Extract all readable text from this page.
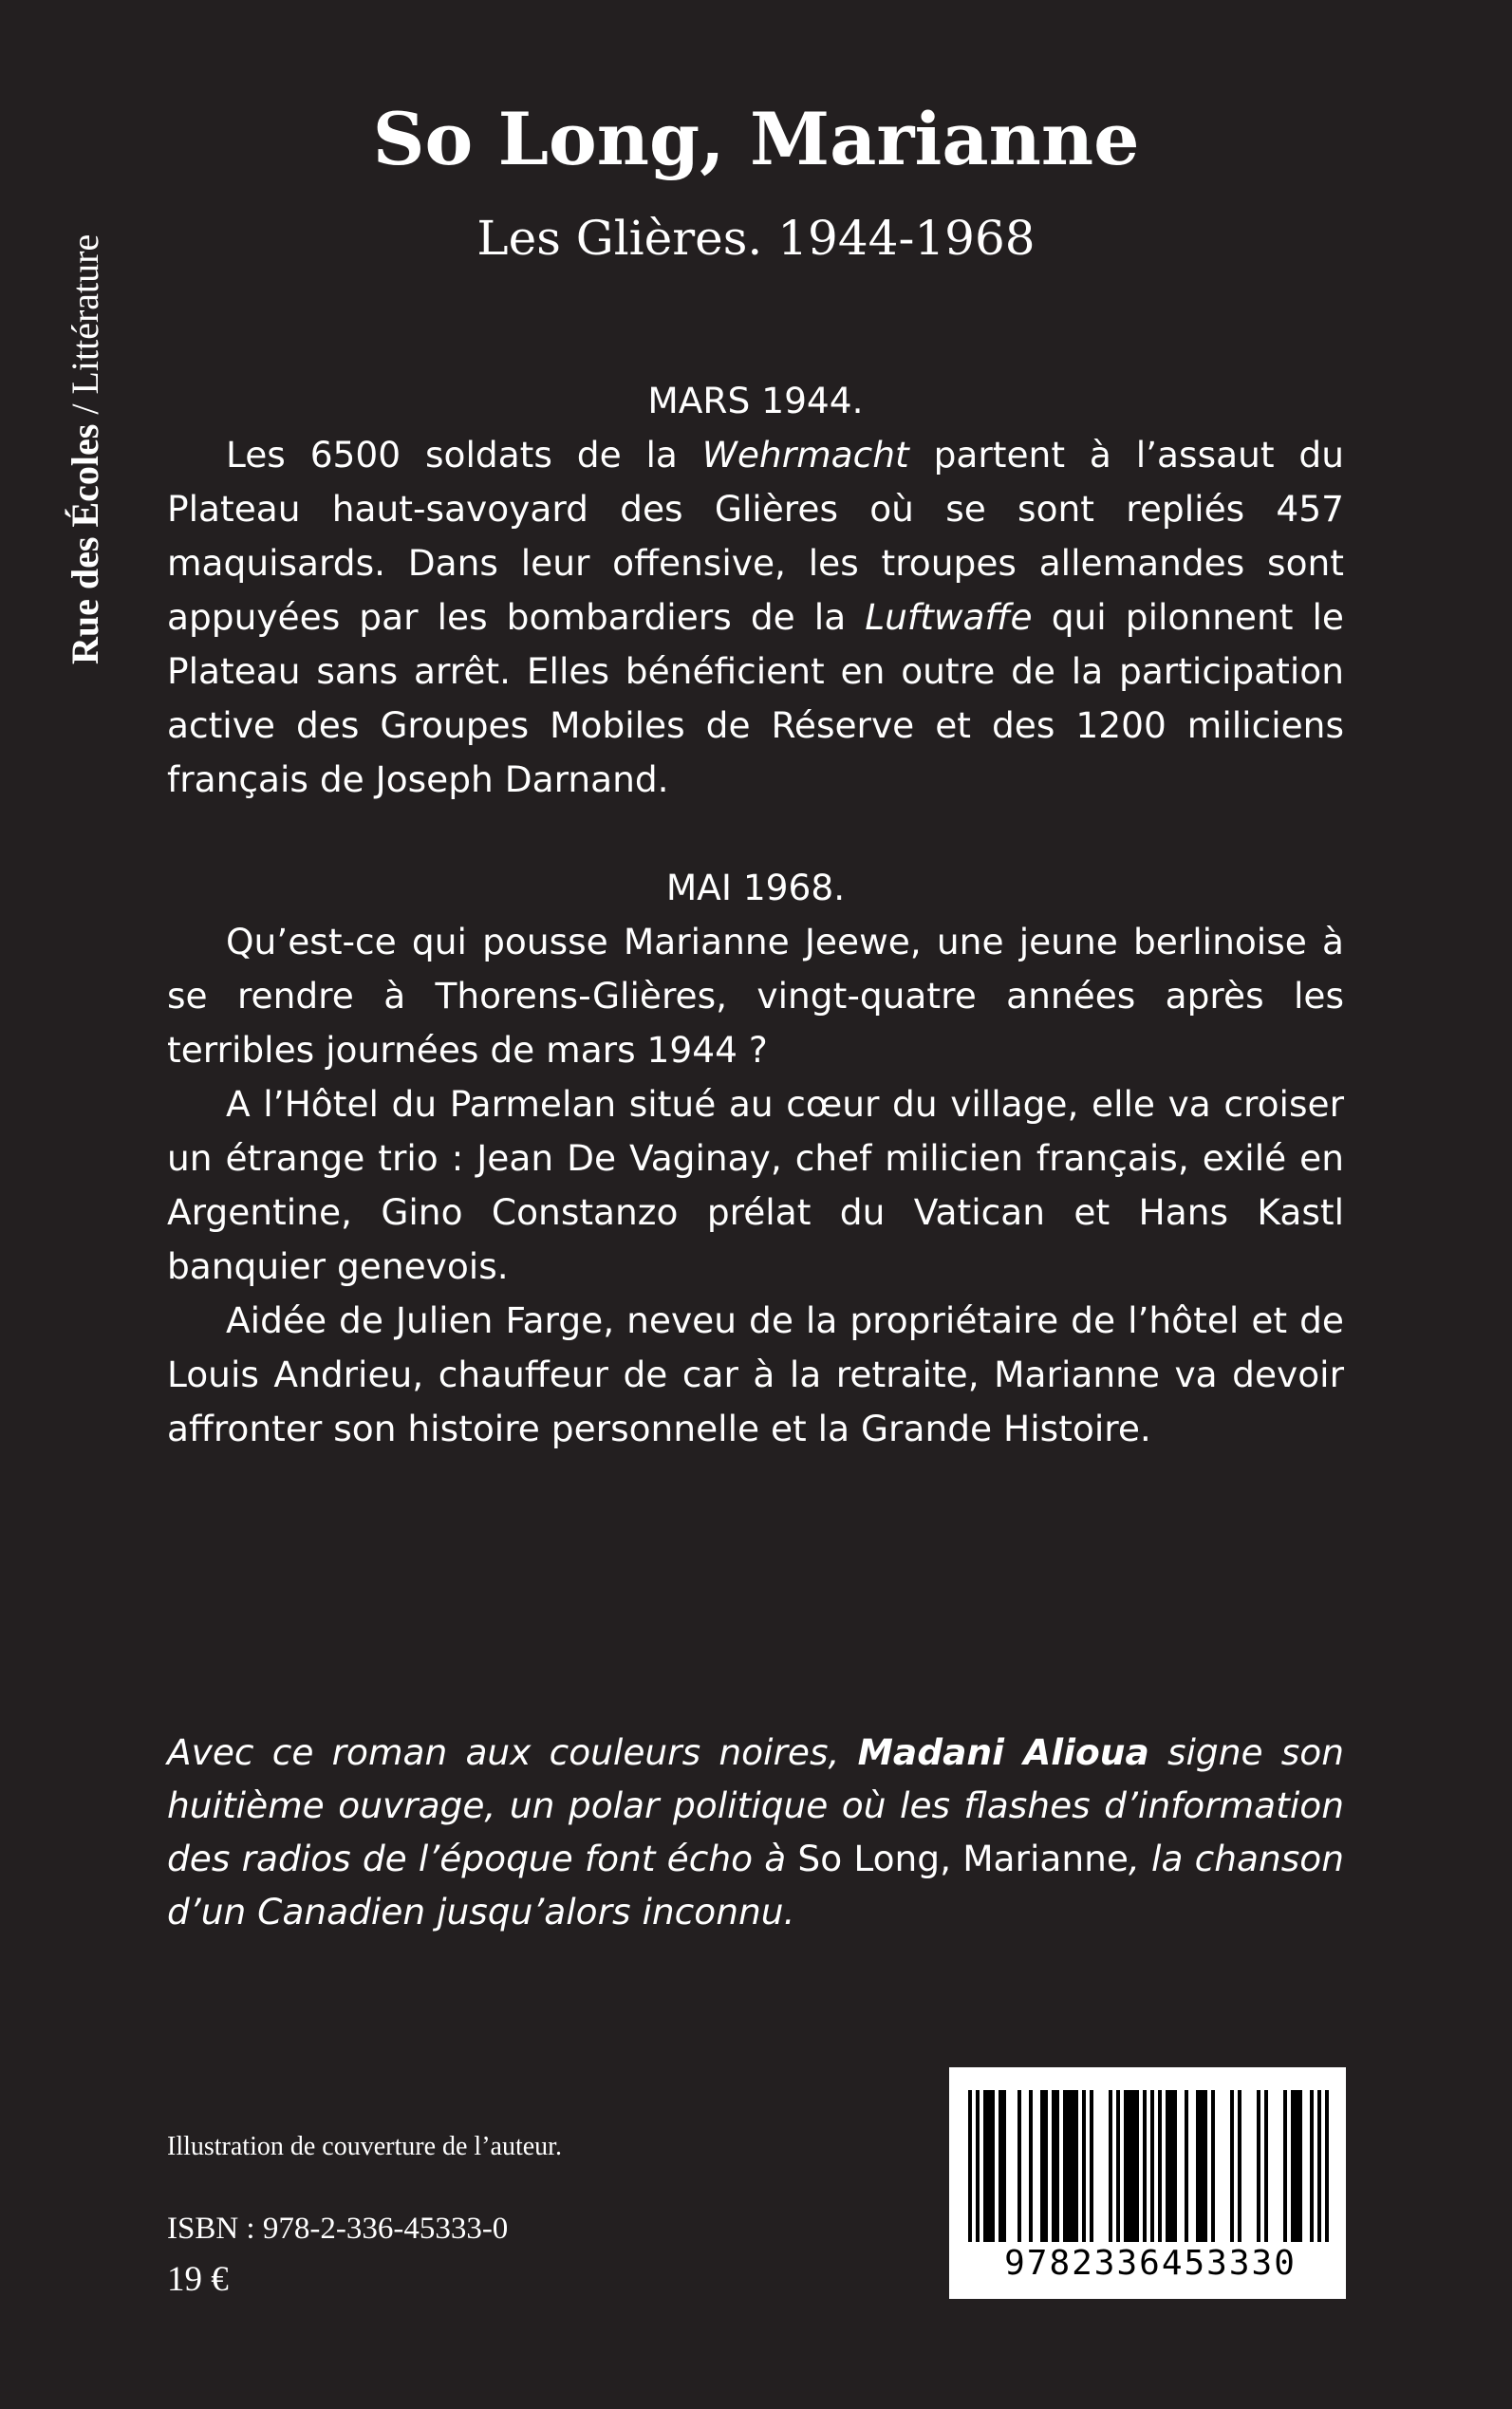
Rue des Écoles / Littérature
So Long, Marianne
Les Glières. 1944-1968

MARS 1944.

Les 6500 soldats de la Wehrmacht partent à l’assaut du Plateau haut-savoyard des Glières où se sont repliés 457 maquisards. Dans leur offensive, les troupes allemandes sont appuyées par les bombardiers de la Luftwaffe qui pilonnent le Plateau sans arrêt. Elles bénéficient en outre de la participation active des Groupes Mobiles de Réserve et des 1200 miliciens français de Joseph Darnand.

MAI 1968.

Qu’est-ce qui pousse Marianne Jeewe, une jeune berlinoise à se rendre à Thorens-Glières, vingt-quatre années après les terribles journées de mars 1944 ?

A l’Hôtel du Parmelan situé au cœur du village, elle va croiser un étrange trio : Jean De Vaginay, chef milicien français, exilé en Argentine, Gino Constanzo prélat du Vatican et Hans Kastl banquier genevois.

Aidée de Julien Farge, neveu de la propriétaire de l’hôtel et de Louis Andrieu, chauffeur de car à la retraite, Marianne va devoir affronter son histoire personnelle et la Grande Histoire.

Avec ce roman aux couleurs noires, Madani Alioua signe son huitième ouvrage, un polar politique où les flashes d’information des radios de l’époque font écho à So Long, Marianne, la chanson d’un Canadien jusqu’alors inconnu.

Illustration de couverture de l’auteur.
ISBN : 978-2-336-45333-0
19 €	9782336453330
